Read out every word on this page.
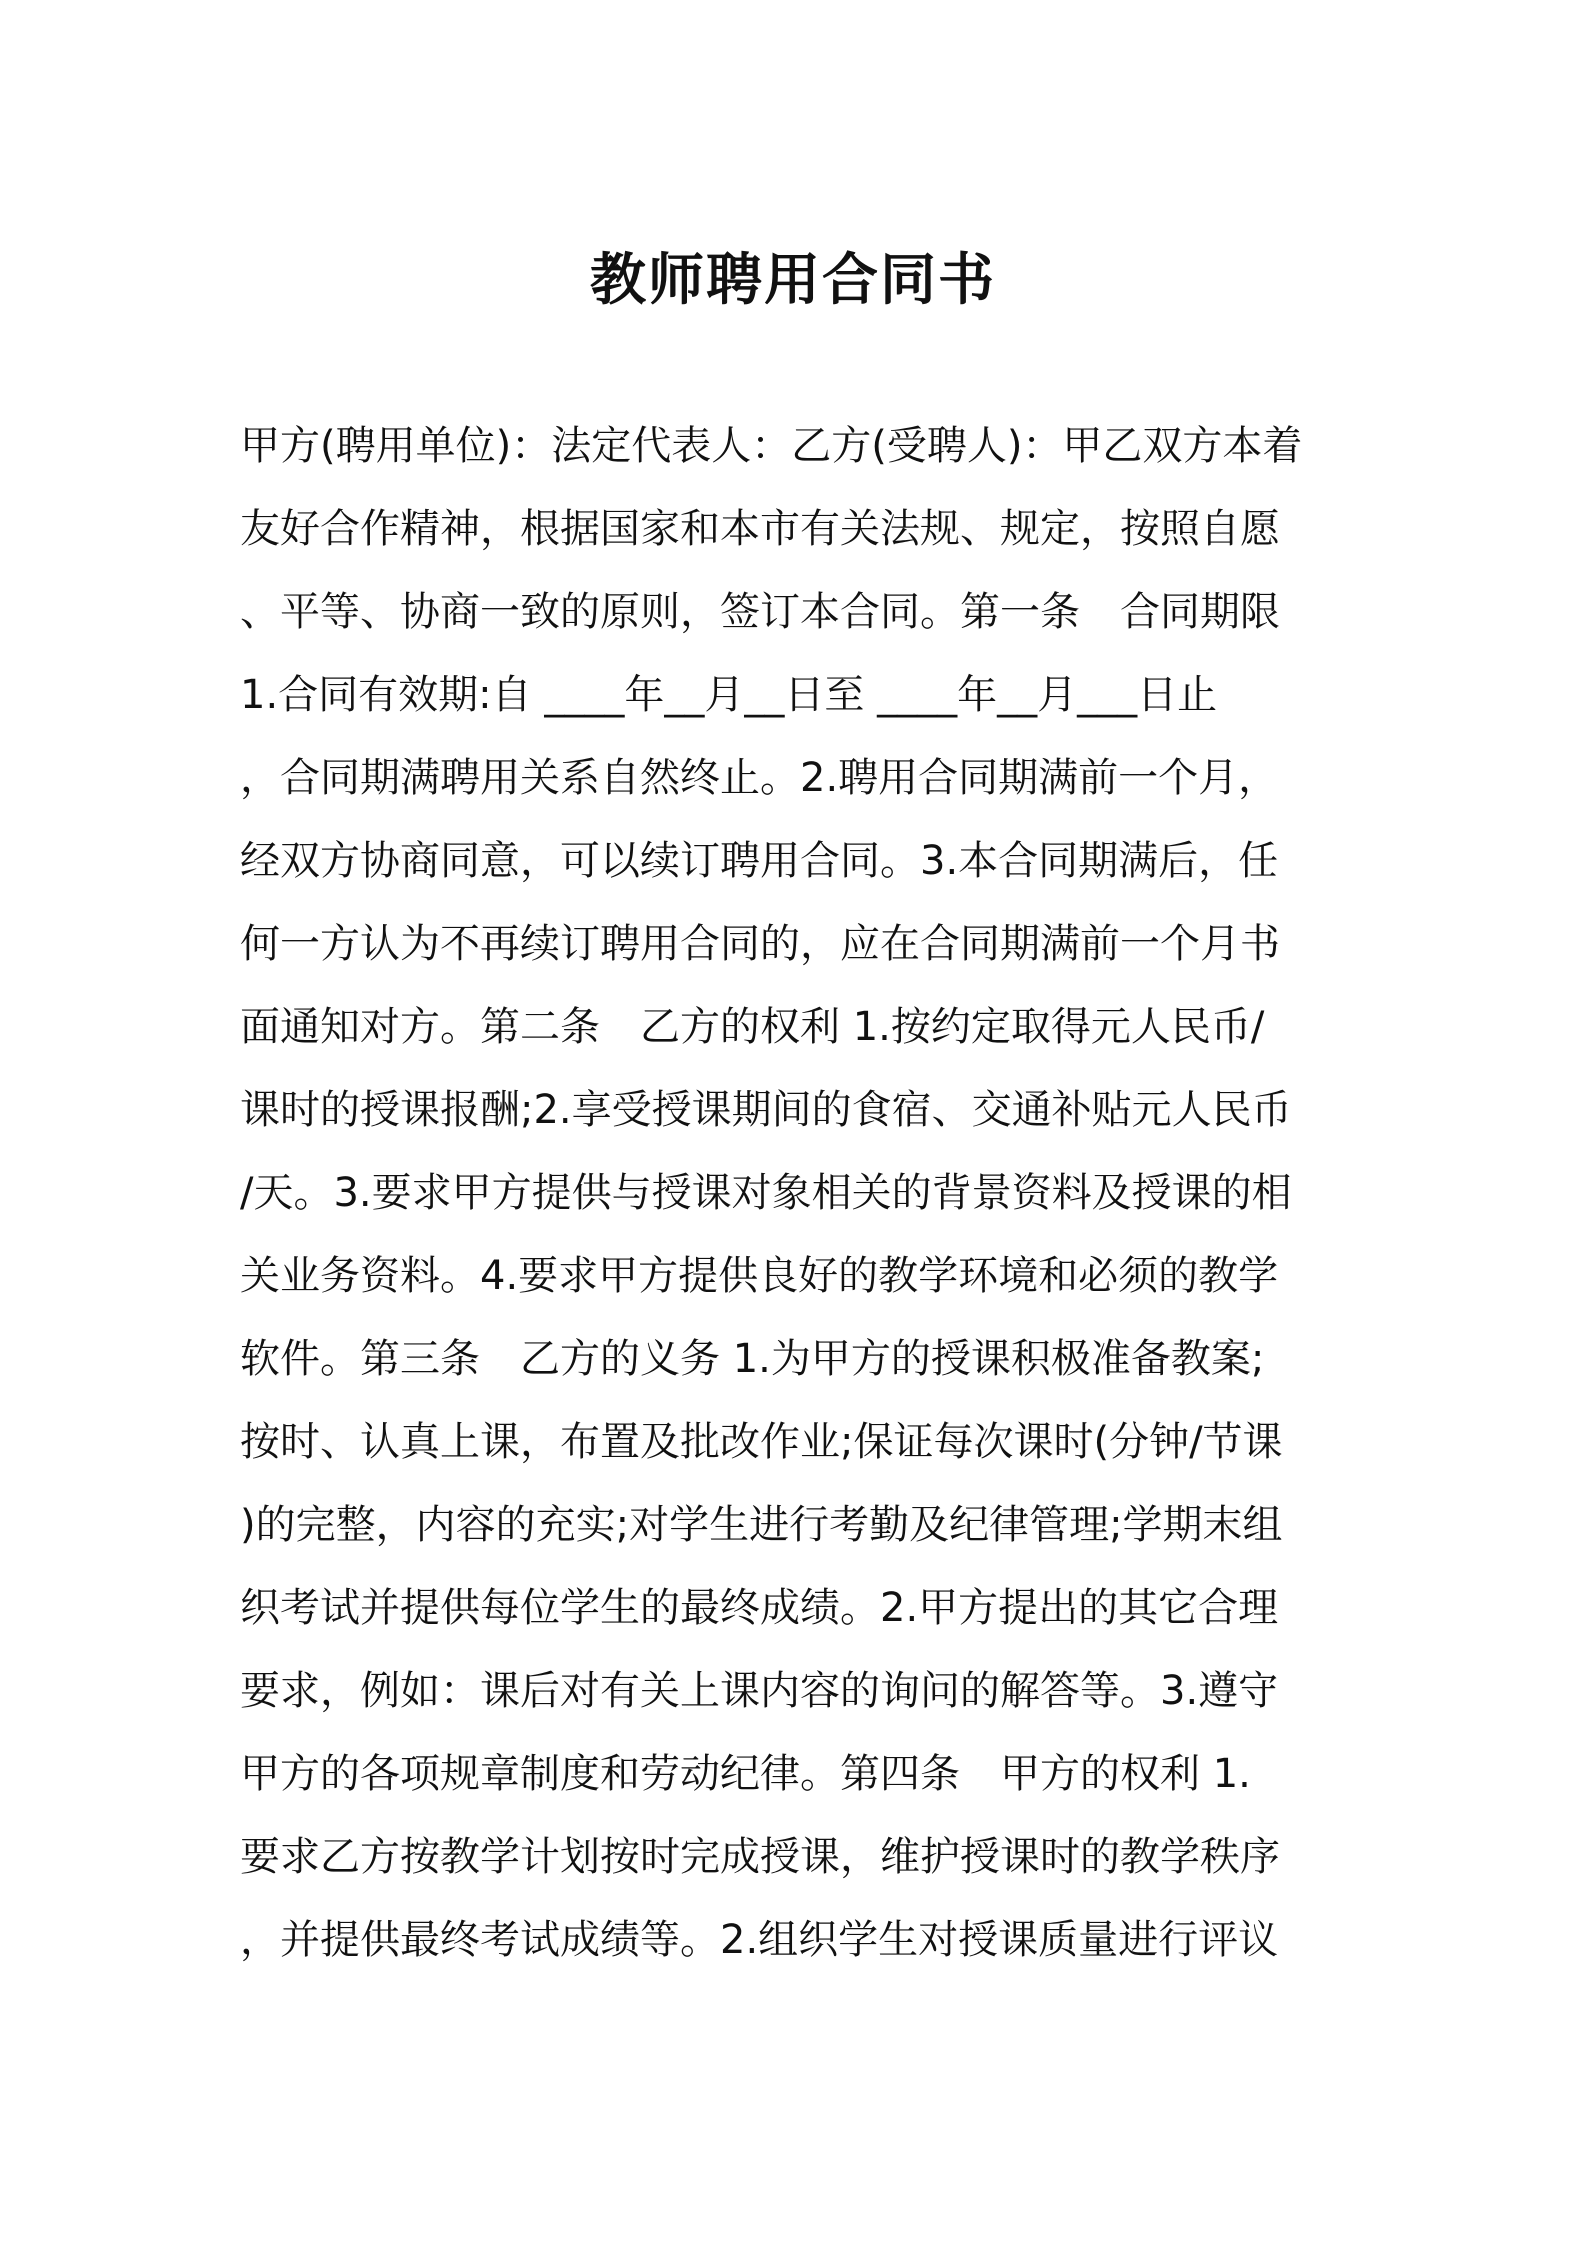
教师聘用合同书
甲方(聘用单位)：法定代表人：乙方(受聘人)：甲乙双方本着
友好合作精神，根据国家和本市有关法规、规定，按照自愿
、平等、协商一致的原则，签订本合同。第一条　合同期限
1.合同有效期:自 ____年__月__日至 ____年__月___日止
，合同期满聘用关系自然终止。2.聘用合同期满前一个月，
经双方协商同意，可以续订聘用合同。3.本合同期满后，任
何一方认为不再续订聘用合同的，应在合同期满前一个月书
面通知对方。第二条　乙方的权利 1.按约定取得元人民币/
课时的授课报酬;2.享受授课期间的食宿、交通补贴元人民币
/天。3.要求甲方提供与授课对象相关的背景资料及授课的相
关业务资料。4.要求甲方提供良好的教学环境和必须的教学
软件。第三条　乙方的义务 1.为甲方的授课积极准备教案;
按时、认真上课，布置及批改作业;保证每次课时(分钟/节课
)的完整，内容的充实;对学生进行考勤及纪律管理;学期末组
织考试并提供每位学生的最终成绩。2.甲方提出的其它合理
要求，例如：课后对有关上课内容的询问的解答等。3.遵守
甲方的各项规章制度和劳动纪律。第四条　甲方的权利 1.
要求乙方按教学计划按时完成授课，维护授课时的教学秩序
，并提供最终考试成绩等。2.组织学生对授课质量进行评议
